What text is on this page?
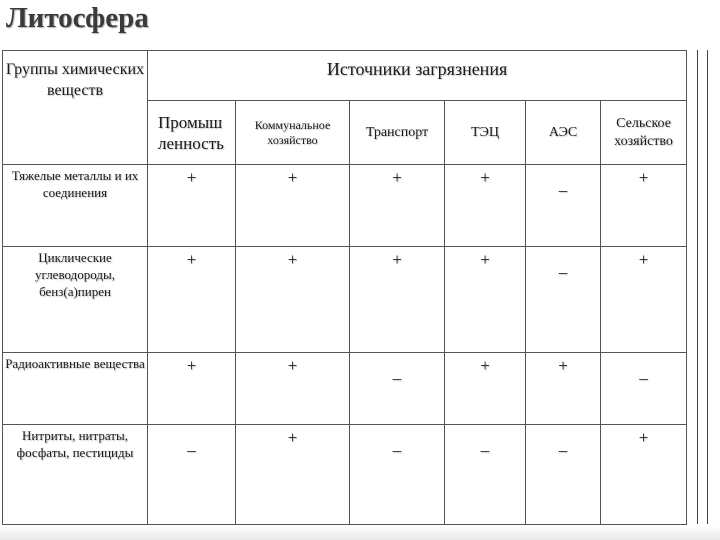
Литосфера
Группы химических веществ	Источники загрязнения					
	Промыш ленность	Коммунальное хозяйство	Транспорт	ТЭЦ	АЭС	Сельское хозяйство
Тяжелые металлы и их соединения	+	+	+	+	_	+
Циклические углеводороды, бенз(а)пирен	+	+	+	+	_	+
Радиоактивные вещества	+	+	_	+	+	_
Нитриты, нитраты, фосфаты, пестициды	_	+	_	_	_	+
